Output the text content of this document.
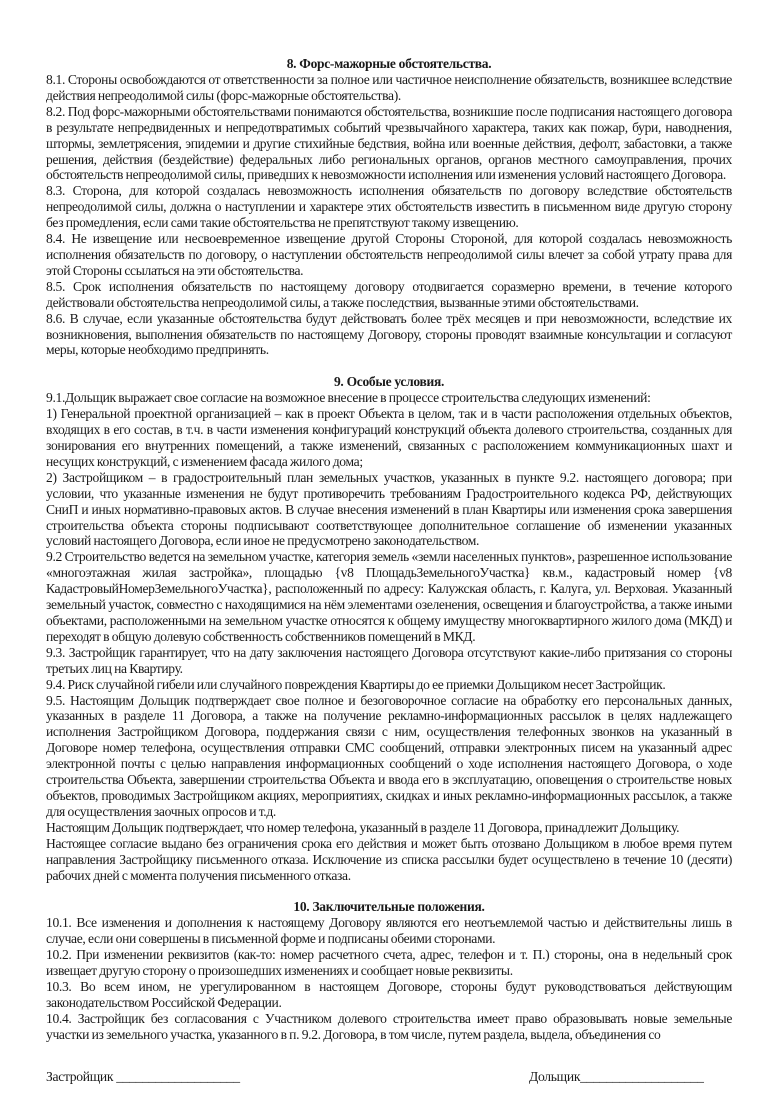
8. Форс-мажорные обстоятельства.

8.1. Стороны освобождаются от ответственности за полное или частичное неисполнение обязательств, возникшее вследствие действия непреодолимой силы (форс-мажорные обстоятельства).

8.2. Под форс-мажорными обстоятельствами понимаются обстоятельства, возникшие после подписания настоящего договора в результате непредвиденных и непредотвратимых событий чрезвычайного характера, таких как пожар, бури, наводнения, штормы, землетрясения, эпидемии и другие стихийные бедствия, война или военные действия, дефолт, забастовки, а также решения, действия (бездействие) федеральных либо региональных органов, органов местного самоуправления, прочих обстоятельств непреодолимой силы, приведших к невозможности исполнения или изменения условий настоящего Договора.

8.3. Сторона, для которой создалась невозможность исполнения обязательств по договору вследствие обстоятельств непреодолимой силы, должна о наступлении и характере этих обстоятельств известить в письменном виде другую сторону без промедления, если сами такие обстоятельства не препятствуют такому извещению.

8.4. Не извещение или несвоевременное извещение другой Стороны Стороной, для которой создалась невозможность исполнения обязательств по договору, о наступлении обстоятельств непреодолимой силы влечет за собой утрату права для этой Стороны ссылаться на эти обстоятельства.

8.5. Срок исполнения обязательств по настоящему договору отодвигается соразмерно времени, в течение которого действовали обстоятельства непреодолимой силы, а также последствия, вызванные этими обстоятельствами.

8.6. В случае, если указанные обстоятельства будут действовать более трёх месяцев и при невозможности, вследствие их возникновения, выполнения обязательств по настоящему Договору, стороны проводят взаимные консультации и согласуют меры, которые необходимо предпринять.

9. Особые условия.

9.1.Дольщик выражает свое согласие на возможное внесение в процессе строительства следующих изменений:

1) Генеральной проектной организацией – как в проект Объекта в целом, так и в части расположения отдельных объектов, входящих в его состав, в т.ч. в части изменения конфигураций конструкций объекта долевого строительства, созданных для зонирования его внутренних помещений, а также изменений, связанных с расположением коммуникационных шахт и несущих конструкций, с изменением фасада жилого дома;

2) Застройщиком – в градостроительный план земельных участков, указанных в пункте 9.2. настоящего договора; при условии, что указанные изменения не будут противоречить требованиям Градостроительного кодекса РФ, действующих СниП и иных нормативно-правовых актов. В случае внесения изменений в план Квартиры или изменения срока завершения строительства объекта стороны подписывают соответствующее дополнительное соглашение об изменении указанных условий настоящего Договора, если иное не предусмотрено законодательством.

9.2 Строительство ведется на земельном участке, категория земель «земли населенных пунктов», разрешенное использование «многоэтажная жилая застройка», площадью {v8 ПлощадьЗемельногоУчастка} кв.м., кадастровый номер {v8 КадастровыйНомерЗемельногоУчастка}, расположенный по адресу: Калужская область, г. Калуга, ул. Верховая. Указанный земельный участок, совместно с находящимися на нём элементами озеленения, освещения и благоустройства, а также иными объектами, расположенными на земельном участке относятся к общему имуществу многоквартирного жилого дома (МКД) и переходят в общую долевую собственность собственников помещений в МКД.

9.3. Застройщик гарантирует, что на дату заключения настоящего Договора отсутствуют какие-либо притязания со стороны третьих лиц на Квартиру.

9.4. Риск случайной гибели или случайного повреждения Квартиры до ее приемки Дольщиком несет Застройщик.

9.5. Настоящим Дольщик подтверждает свое полное и безоговорочное согласие на обработку его персональных данных, указанных в разделе 11 Договора, а также на получение рекламно-информационных рассылок в целях надлежащего исполнения Застройщиком Договора, поддержания связи с ним, осуществления телефонных звонков на указанный в Договоре номер телефона, осуществления отправки СМС сообщений, отправки электронных писем на указанный адрес электронной почты с целью направления информационных сообщений о ходе исполнения настоящего Договора, о ходе строительства Объекта, завершении строительства Объекта и ввода его в эксплуатацию, оповещения о строительстве новых объектов, проводимых Застройщиком акциях, мероприятиях, скидках и иных рекламно-информационных рассылок, а также для осуществления заочных опросов и т.д.

Настоящим Дольщик подтверждает, что номер телефона, указанный в разделе 11 Договора, принадлежит Дольщику.

Настоящее согласие выдано без ограничения срока его действия и может быть отозвано Дольщиком в любое время путем направления Застройщику письменного отказа. Исключение из списка рассылки будет осуществлено в течение 10 (десяти) рабочих дней с момента получения письменного отказа.

10. Заключительные положения.

10.1. Все изменения и дополнения к настоящему Договору являются его неотъемлемой частью и действительны лишь в случае, если они совершены в письменной форме и подписаны обеими сторонами.

10.2. При изменении реквизитов (как-то: номер расчетного счета, адрес, телефон и т. П.) стороны, она в недельный срок извещает другую сторону о произошедших изменениях и сообщает новые реквизиты.

10.3. Во всем ином, не урегулированном в настоящем Договоре, стороны будут руководствоваться действующим законодательством Российской Федерации.

10.4. Застройщик без согласования с Участником долевого строительства имеет право образовывать новые земельные участки из земельного участка, указанного в п. 9.2. Договора, в том числе, путем раздела, выдела, объединения со

Застройщик ___________________	Дольщик___________________
